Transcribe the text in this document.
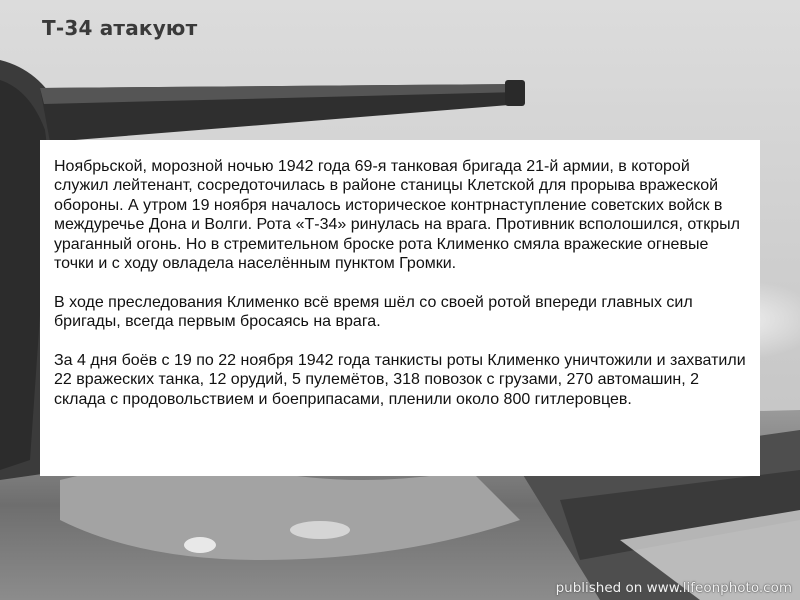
Т-34 атакуют

Ноябрьской, морозной ночью 1942 года 69-я танковая бригада 21-й армии, в которой служил лейтенант, сосредоточилась в районе станицы Клетской для прорыва вражеской обороны. А утром 19 ноября началось историческое контрнаступление советских войск в междуречье Дона и Волги. Рота «Т-34» ринулась на врага. Противник всполошился, открыл ураганный огонь. Но в стремительном броске рота Клименко смяла вражеские огневые точки и с ходу овладела населённым пунктом Громки.

В ходе преследования Клименко всё время шёл со своей ротой впереди главных сил бригады, всегда первым бросаясь на врага.

За 4 дня боёв с 19 по 22 ноября 1942 года танкисты роты Клименко уничтожили и захватили 22 вражеских танка, 12 орудий, 5 пулемётов, 318 повозок с грузами, 270 автомашин, 2 склада с продовольствием и боеприпасами, пленили около 800 гитлеровцев.

published on www.lifeonphoto.com
